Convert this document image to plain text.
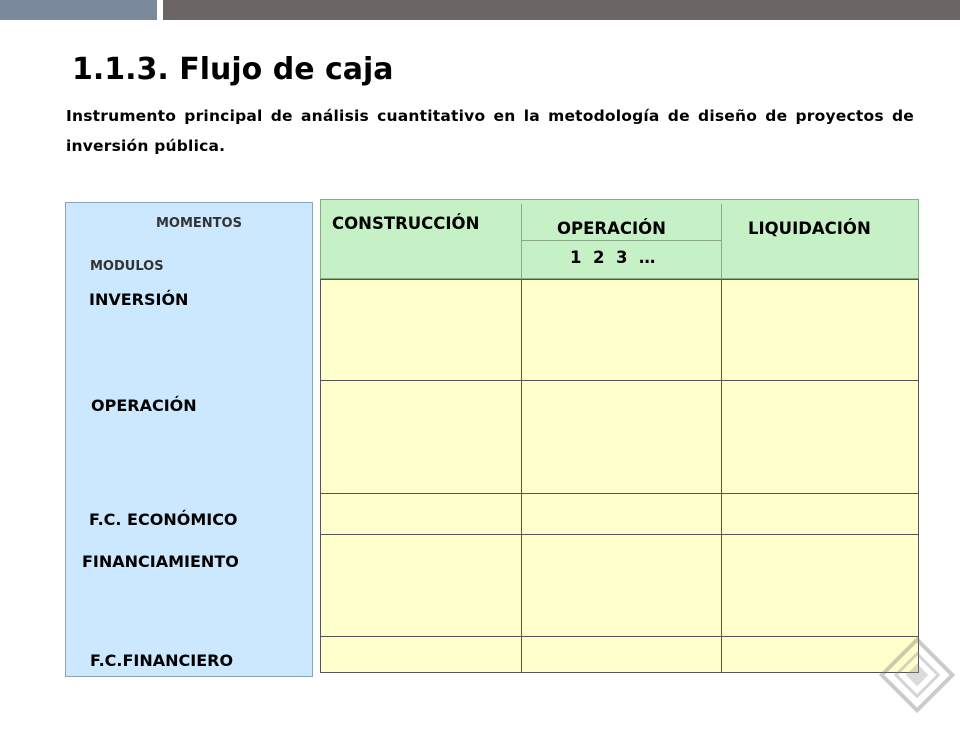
1.1.3. Flujo de caja

Instrumento principal de análisis cuantitativo en la metodología de diseño de proyectos de inversión pública.

MOMENTOS
MODULOS
INVERSIÓN
OPERACIÓN
F.C. ECONÓMICO
FINANCIAMIENTO
F.C.FINANCIERO
CONSTRUCCIÓN	OPERACIÓN	LIQUIDACIÓN
1  2  3  …
